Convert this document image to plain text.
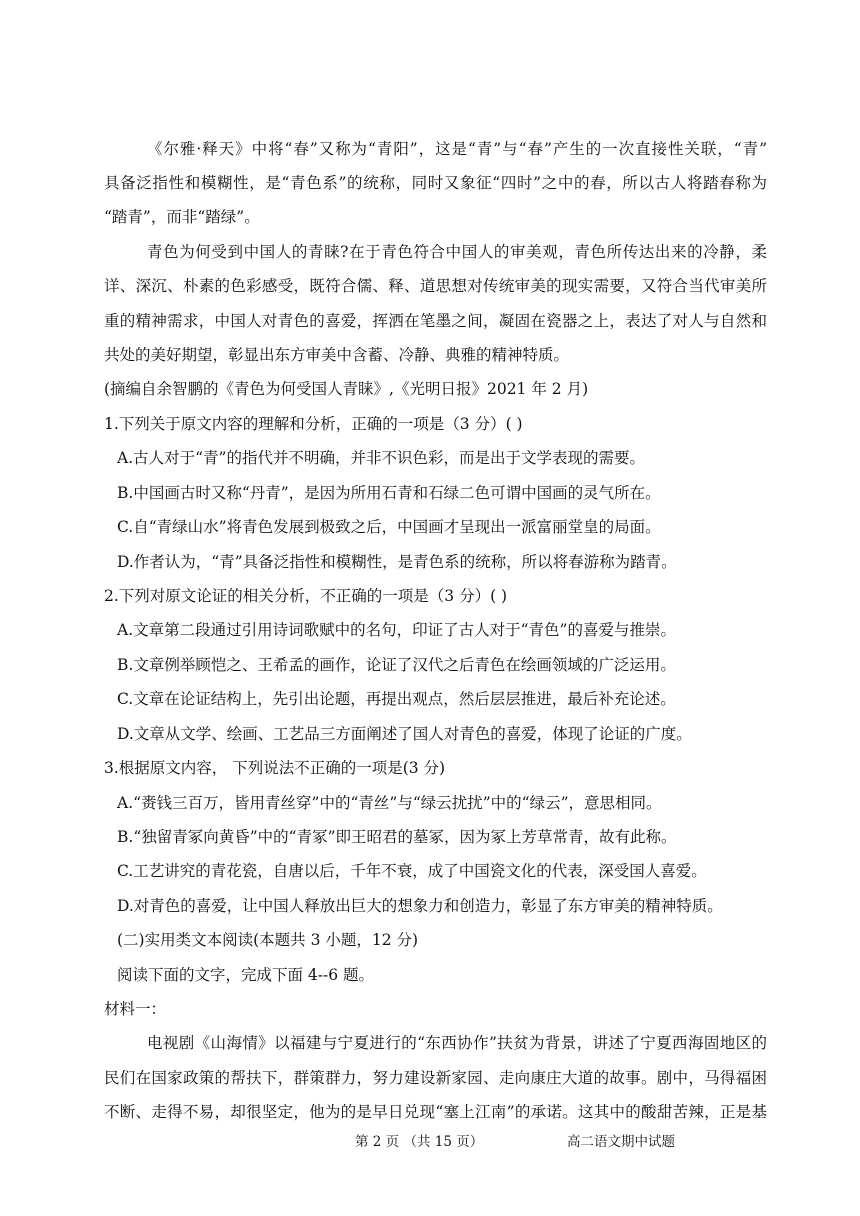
《尔雅·释天》中将“春”又称为“青阳”，这是“青”与“春”产生的一次直接性关联，“青”
具备泛指性和模糊性，是“青色系”的统称，同时又象征“四时”之中的春，所以古人将踏春称为
“踏青”，而非“踏绿”。
青色为何受到中国人的青睐?在于青色符合中国人的审美观，青色所传达出来的冷静，柔
详、深沉、朴素的色彩感受，既符合儒、释、道思想对传统审美的现实需要，又符合当代审美所
重的精神需求，中国人对青色的喜爱，挥洒在笔墨之间，凝固在瓷器之上，表达了对人与自然和
共处的美好期望，彰显出东方审美中含蓄、冷静、典雅的精神特质。
(摘编自余智鹏的《青色为何受国人青睐》,《光明日报》2021 年 2 月)
1.下列关于原文内容的理解和分析，正确的一项是（3 分）( )
A.古人对于“青”的指代并不明确，并非不识色彩，而是出于文学表现的需要。
B.中国画古时又称“丹青”，是因为所用石青和石绿二色可谓中国画的灵气所在。
C.自“青绿山水”将青色发展到极致之后，中国画才呈现出一派富丽堂皇的局面。
D.作者认为，“青”具备泛指性和模糊性，是青色系的统称，所以将春游称为踏青。
2.下列对原文论证的相关分析，不正确的一项是（3 分）( )
A.文章第二段通过引用诗词歌赋中的名句，印证了古人对于“青色”的喜爱与推崇。
B.文章例举顾恺之、王希孟的画作，论证了汉代之后青色在绘画领域的广泛运用。
C.文章在论证结构上，先引出论题，再提出观点，然后层层推进，最后补充论述。
D.文章从文学、绘画、工艺品三方面阐述了国人对青色的喜爱，体现了论证的广度。
3.根据原文内容， 下列说法不正确的一项是(3 分)
A.“赉钱三百万，皆用青丝穿”中的“青丝”与“绿云扰扰”中的“绿云”，意思相同。
B.“独留青冢向黄昏”中的“青冢”即王昭君的墓冢，因为冢上芳草常青，故有此称。
C.工艺讲究的青花瓷，自唐以后，千年不衰，成了中国瓷文化的代表，深受国人喜爱。
D.对青色的喜爱，让中国人释放出巨大的想象力和创造力，彰显了东方审美的精神特质。
(二)实用类文本阅读(本题共 3 小题，12 分)
阅读下面的文字，完成下面 4--6 题。
材料一：
电视剧《山海情》以福建与宁夏进行的“东西协作”扶贫为背景，讲述了宁夏西海固地区的
民们在国家政策的帮扶下，群策群力，努力建设新家园、走向康庄大道的故事。剧中，马得福困
不断、走得不易，却很坚定，他为的是早日兑现“塞上江南”的承诺。这其中的酸甜苦辣，正是基
第 2 页 （共 15 页）	高二语文期中试题
